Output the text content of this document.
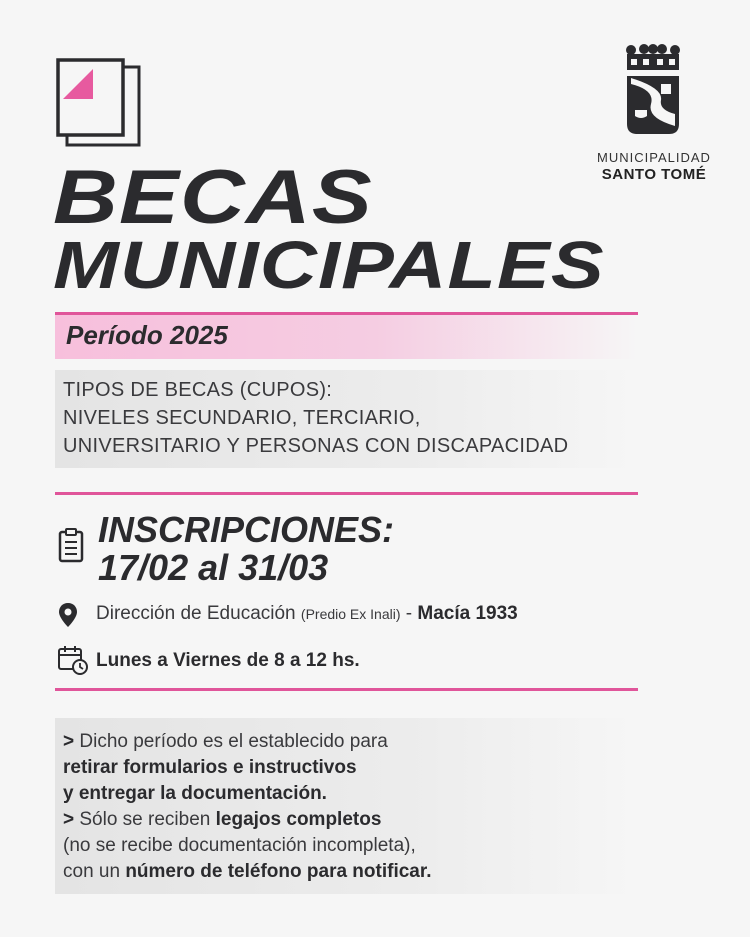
MUNICIPALIDAD
SANTO TOMÉ
BECAS
MUNICIPALES
Período 2025
TIPOS DE BECAS (CUPOS):
NIVELES SECUNDARIO, TERCIARIO,
UNIVERSITARIO Y PERSONAS CON DISCAPACIDAD
INSCRIPCIONES:
17/02 al 31/03
Dirección de Educación (Predio Ex Inali) - Macía 1933
Lunes a Viernes de 8 a 12 hs.
> Dicho período es el establecido para
retirar formularios e instructivos
y entregar la documentación.
> Sólo se reciben legajos completos
(no se recibe documentación incompleta),
con un número de teléfono para notificar.
